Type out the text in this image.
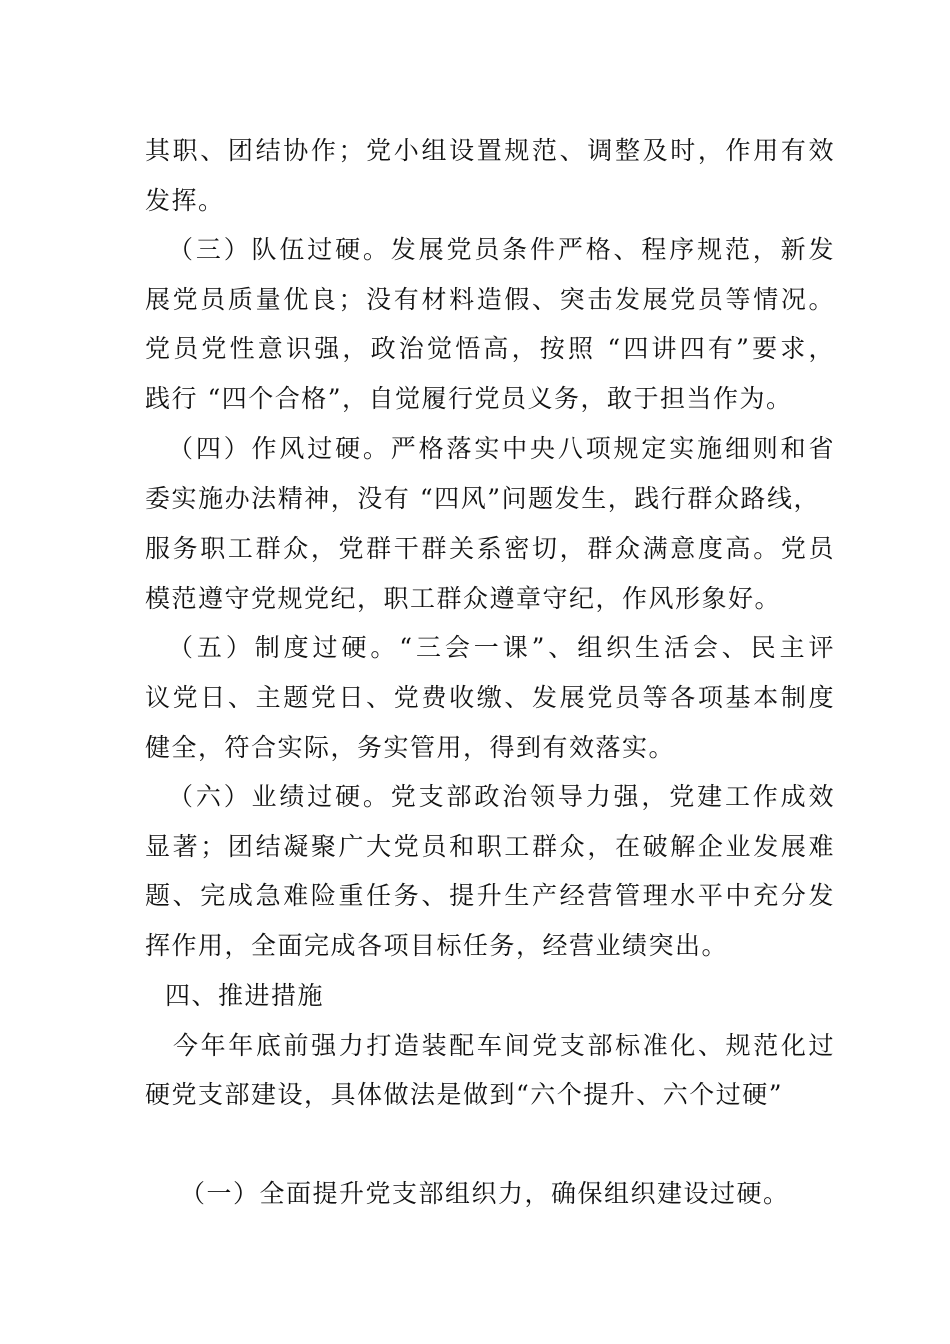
其职、团结协作；党小组设置规范、调整及时，作用有效
发挥。
（三）队伍过硬。发展党员条件严格、程序规范，新发
展党员质量优良；没有材料造假、突击发展党员等情况。
党员党性意识强，政治觉悟高，按照 “四讲四有”要求，
践行 “四个合格”，自觉履行党员义务，敢于担当作为。
（四）作风过硬。严格落实中央八项规定实施细则和省
委实施办法精神，没有 “四风”问题发生，践行群众路线，
服务职工群众，党群干群关系密切，群众满意度高。党员
模范遵守党规党纪，职工群众遵章守纪，作风形象好。
（五）制度过硬。“三会一课”、组织生活会、民主评
议党日、主题党日、党费收缴、发展党员等各项基本制度
健全，符合实际，务实管用，得到有效落实。
（六）业绩过硬。党支部政治领导力强，党建工作成效
显著；团结凝聚广大党员和职工群众，在破解企业发展难
题、完成急难险重任务、提升生产经营管理水平中充分发
挥作用，全面完成各项目标任务，经营业绩突出。
四、推进措施
今年年底前强力打造装配车间党支部标准化、规范化过
硬党支部建设，具体做法是做到“六个提升、六个过硬”
（一）全面提升党支部组织力，确保组织建设过硬。
